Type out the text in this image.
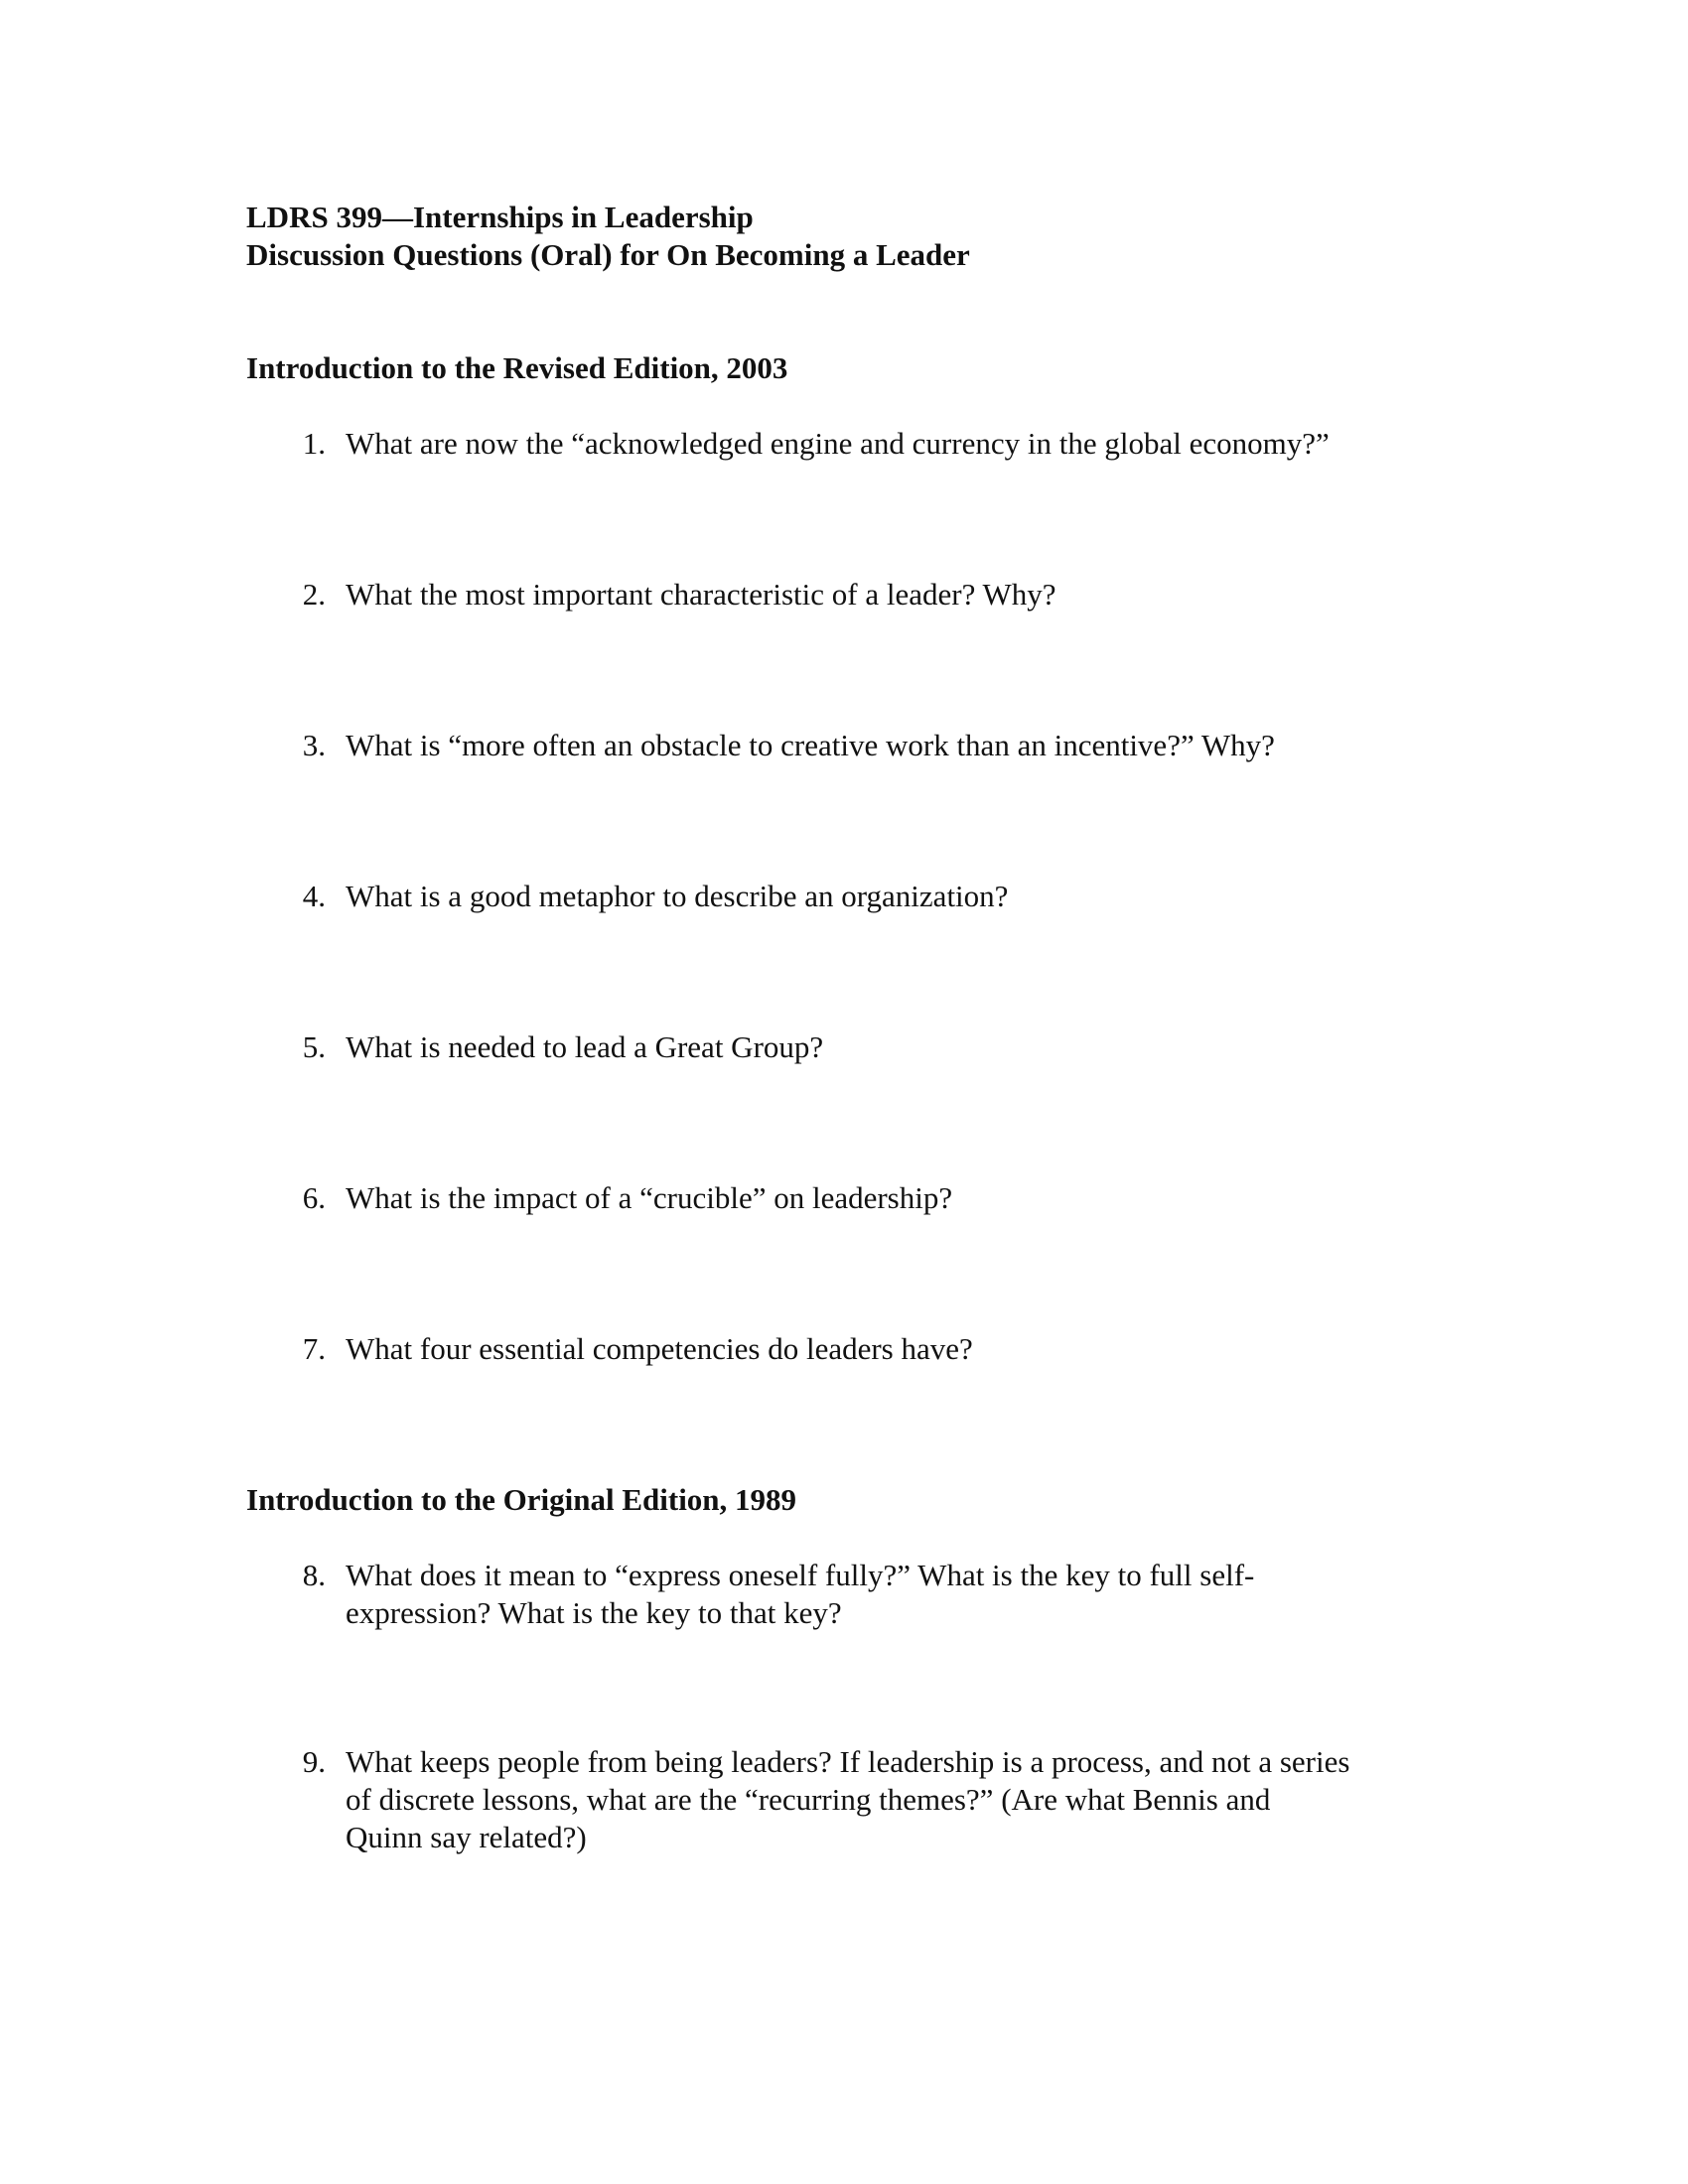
LDRS 399—Internships in Leadership
Discussion Questions (Oral) for On Becoming a Leader
Introduction to the Revised Edition, 2003
1. What are now the “acknowledged engine and currency in the global economy?”
2. What the most important characteristic of a leader? Why?
3. What is “more often an obstacle to creative work than an incentive?” Why?
4. What is a good metaphor to describe an organization?
5. What is needed to lead a Great Group?
6. What is the impact of a “crucible” on leadership?
7. What four essential competencies do leaders have?
Introduction to the Original Edition, 1989
8. What does it mean to “express oneself fully?” What is the key to full self-
expression? What is the key to that key?
9. What keeps people from being leaders? If leadership is a process, and not a series
of discrete lessons, what are the “recurring themes?” (Are what Bennis and
Quinn say related?)
